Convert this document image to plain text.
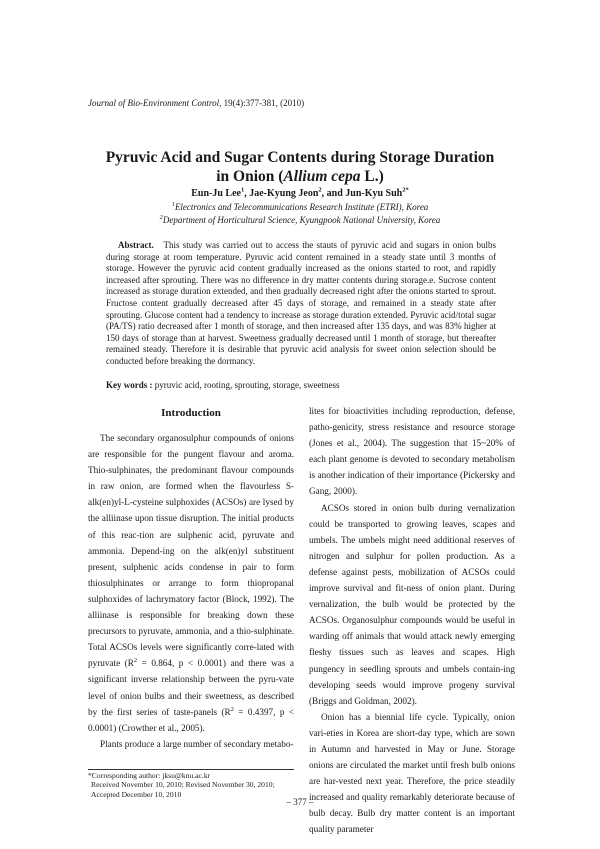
Journal of Bio-Environment Control, 19(4):377-381, (2010)
Pyruvic Acid and Sugar Contents during Storage Duration
in Onion (Allium cepa L.)
Eun-Ju Lee$^1$, Jae-Kyung Jeon$^2$, and Jun-Kyu Suh$^{2*}$
$^1$Electronics and Telecommunications Research Institute (ETRI), Korea
$^2$Department of Horticultural Science, Kyungpook National University, Korea
Abstract. This study was carried out to access the stauts of pyruvic acid and sugars in onion bulbs during storage at room temperature. Pyruvic acid content remained in a steady state until 3 months of storage. However the pyruvic acid content gradually increased as the onions started to root, and rapidly increased after sprouting. There was no difference in dry matter contents during storage.e. Sucrose content increased as storage duration extended, and then gradually decreased right after the onions started to sprout. Fructose content gradually decreased after 45 days of storage, and remained in a steady state after sprouting. Glucose content had a tendency to increase as storage duration extended. Pyruvic acid/total sugar (PA/TS) ratio decreased after 1 month of storage, and then increased after 135 days, and was 83% higher at 150 days of storage than at harvest. Sweetness gradually decreased until 1 month of storage, but thereafter remained steady. Therefore it is desirable that pyruvic acid analysis for sweet onion selection should be conducted before breaking the dormancy.
Key words : pyruvic acid, rooting, sprouting, storage, sweetness
Introduction

The secondary organosulphur compounds of onions are responsible for the pungent flavour and aroma. Thio-sulphinates, the predominant flavour compounds in raw onion, are formed when the flavourless S-alk(en)yl-L-cysteine sulphoxides (ACSOs) are lysed by the alliinase upon tissue disruption. The initial products of this reac-tion are sulphenic acid, pyruvate and ammonia. Depend-ing on the alk(en)yl substituent present, sulphenic acids condense in pair to form thiosulphinates or arrange to form thiopropanal sulphoxides of lachrymatory factor (Block, 1992). The alliinase is responsible for breaking down these precursors to pyruvate, ammonia, and a thio-sulphinate. Total ACSOs levels were significantly corre-lated with pyruvate ($R^2 = 0.864$, p < 0.0001) and there was a significant inverse relationship between the pyru-vate level of onion bulbs and their sweetness, as described by the first series of taste-panels ($R^2 = 0.4397$, p < 0.0001) (Crowther et al., 2005).

Plants produce a large number of secondary metabo-

lites for bioactivities including reproduction, defense, patho-genicity, stress resistance and resource storage (Jones et al., 2004). The suggestion that 15~20% of each plant genome is devoted to secondary metabolism is another indication of their importance (Pickersky and Gang, 2000).

ACSOs stored in onion bulb during vernalization could be transported to growing leaves, scapes and umbels. The umbels might need additional reserves of nitrogen and sulphur for pollen production. As a defense against pests, mobilization of ACSOs could improve survival and fit-ness of onion plant. During vernalization, the bulb would be protected by the ACSOs. Organosulphur compounds would be useful in warding off animals that would attack newly emerging fleshy tissues such as leaves and scapes. High pungency in seedling sprouts and umbels contain-ing developing seeds would improve progeny survival (Briggs and Goldman, 2002).

Onion has a biennial life cycle. Typically, onion vari-eties in Korea are short-day type, which are sown in Autumn and harvested in May or June. Storage onions are circulated the market until fresh bulb onions are har-vested next year. Therefore, the price steadily increased and quality remarkably deteriorate because of bulb decay. Bulb dry matter content is an important quality parameter

*Corresponding author: jksu@knu.ac.kr
Received November 10, 2010; Revised November 30, 2010;
Accepted December 10, 2010
– 377 –
